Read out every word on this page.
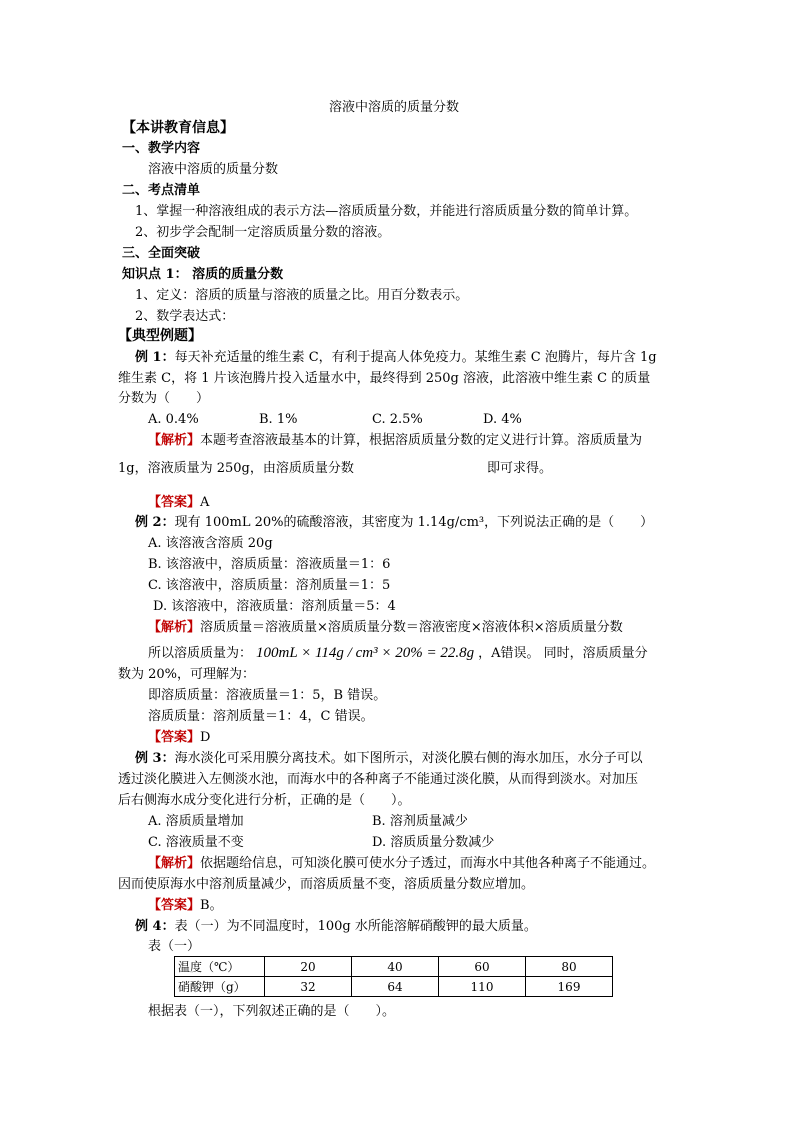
溶液中溶质的质量分数
【本讲教育信息】
一、教学内容
溶液中溶质的质量分数
二、考点清单
1、掌握一种溶液组成的表示方法—溶质质量分数，并能进行溶质质量分数的简单计算。
2、初步学会配制一定溶质质量分数的溶液。
三、全面突破
知识点 1： 溶质的质量分数
1、定义：溶质的质量与溶液的质量之比。用百分数表示。
2、数学表达式：
【典型例题】
例 1：每天补充适量的维生素 C，有利于提高人体免疫力。某维生素 C 泡腾片，每片含 1g
维生素 C，将 1 片该泡腾片投入适量水中，最终得到 250g 溶液，此溶液中维生素 C 的质量
分数为（　　）
A. 0.4%	B. 1%	C. 2.5%	D. 4%
【解析】本题考查溶液最基本的计算，根据溶质质量分数的定义进行计算。溶质质量为
1g，溶液质量为 250g，由溶质质量分数	即可求得。
【答案】A
例 2：现有 100mL 20%的硫酸溶液，其密度为 1.14g/cm³，下列说法正确的是（　　）
A. 该溶液含溶质 20g
B. 该溶液中，溶质质量：溶液质量＝1：6
C. 该溶液中，溶质质量：溶剂质量＝1：5
D. 该溶液中，溶液质量：溶剂质量＝5：4
【解析】溶质质量＝溶液质量×溶质质量分数＝溶液密度×溶液体积×溶质质量分数
所以溶质质量为： 100mL × 114g / cm³ × 20% = 22.8g ，A错误。 同时，溶质质量分
数为 20%，可理解为：
即溶质质量：溶液质量＝1：5，B 错误。
溶质质量：溶剂质量＝1：4，C 错误。
【答案】D
例 3：海水淡化可采用膜分离技术。如下图所示，对淡化膜右侧的海水加压，水分子可以
透过淡化膜进入左侧淡水池，而海水中的各种离子不能通过淡化膜，从而得到淡水。对加压
后右侧海水成分变化进行分析，正确的是（　　）。
A. 溶质质量增加	B. 溶剂质量减少
C. 溶液质量不变	D. 溶质质量分数减少
【解析】依据题给信息，可知淡化膜可使水分子透过，而海水中其他各种离子不能通过。
因而使原海水中溶剂质量减少，而溶质质量不变，溶质质量分数应增加。
【答案】B。
例 4：表（一）为不同温度时，100g 水所能溶解硝酸钾的最大质量。
表（一）
温度（℃）	20	40	60	80
硝酸钾（g）	32	64	110	169
根据表（一），下列叙述正确的是（　　）。
